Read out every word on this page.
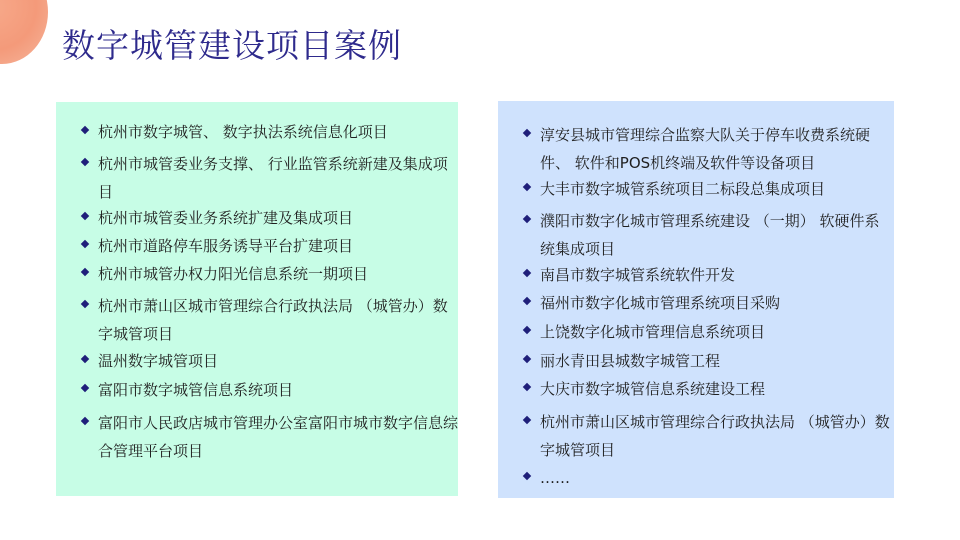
数字城管建设项目案例
杭州市数字城管、 数字执法系统信息化项目
杭州市城管委业务支撑、 行业监管系统新建及集成项目
杭州市城管委业务系统扩建及集成项目
杭州市道路停车服务诱导平台扩建项目
杭州市城管办权力阳光信息系统一期项目
杭州市萧山区城市管理综合行政执法局 （城管办）数字城管项目
温州数字城管项目
富阳市数字城管信息系统项目
富阳市人民政店城市管理办公室富阳市城市数字信息综合管理平台项目
淳安县城市管理综合监察大队关于停车收费系统硬件、 软件和POS机终端及软件等设备项目
大丰市数字城管系统项目二标段总集成项目
濮阳市数字化城市管理系统建设 （一期） 软硬件系统集成项目
南昌市数字城管系统软件开发
福州市数字化城市管理系统项目采购
上饶数字化城市管理信息系统项目
丽水青田县城数字城管工程
大庆市数字城管信息系统建设工程
杭州市萧山区城市管理综合行政执法局 （城管办）数字城管项目
……
